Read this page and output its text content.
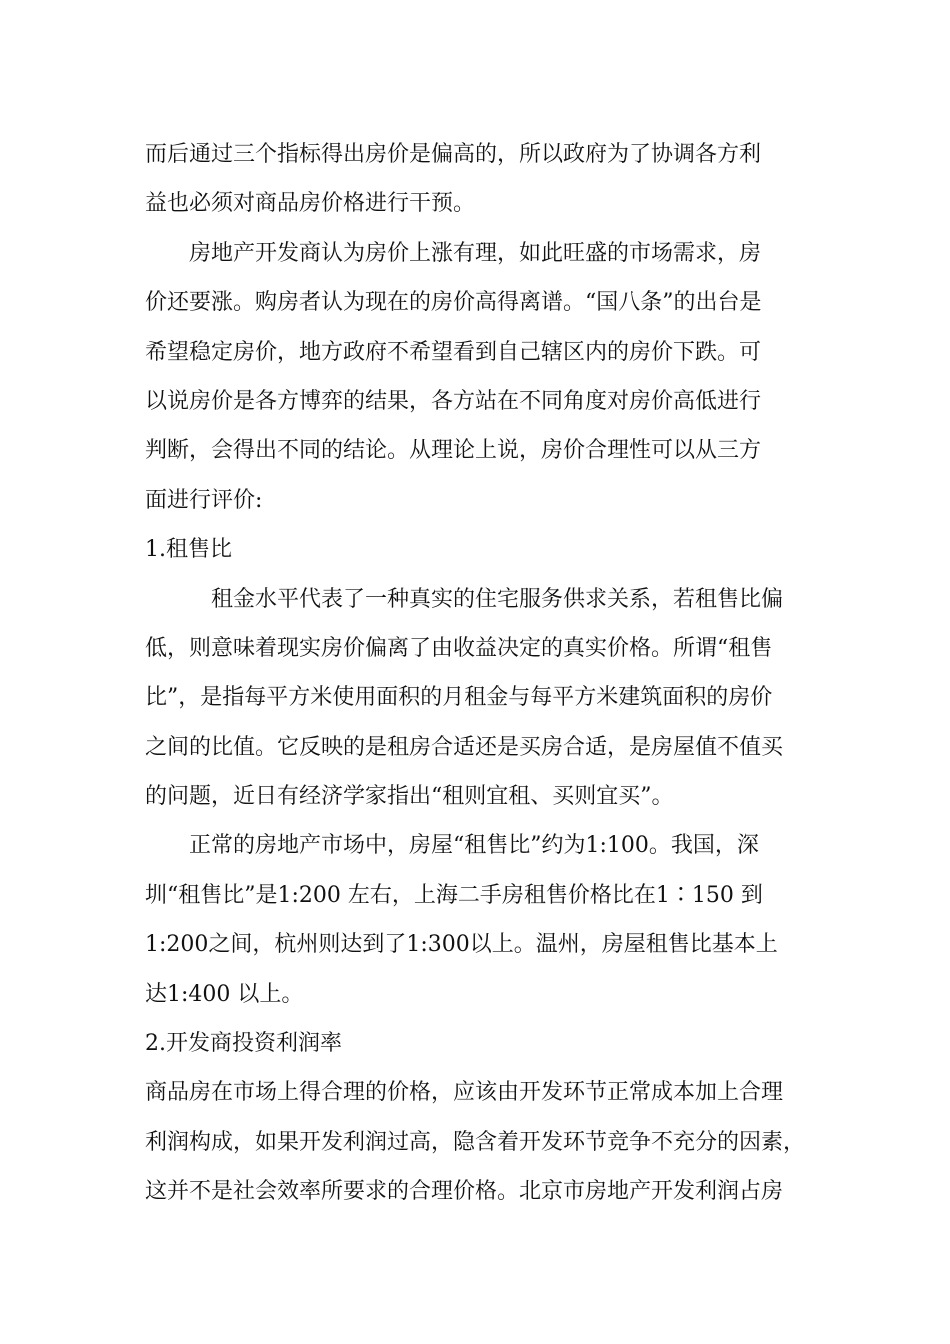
而后通过三个指标得出房价是偏高的，所以政府为了协调各方利
益也必须对商品房价格进行干预。
房地产开发商认为房价上涨有理，如此旺盛的市场需求，房
价还要涨。购房者认为现在的房价高得离谱。“国八条”的出台是
希望稳定房价，地方政府不希望看到自己辖区内的房价下跌。可
以说房价是各方博弈的结果，各方站在不同角度对房价高低进行
判断，会得出不同的结论。从理论上说，房价合理性可以从三方
面进行评价:
1.租售比
租金水平代表了一种真实的住宅服务供求关系，若租售比偏
低，则意味着现实房价偏离了由收益决定的真实价格。所谓“租售
比”，是指每平方米使用面积的月租金与每平方米建筑面积的房价
之间的比值。它反映的是租房合适还是买房合适，是房屋值不值买
的问题，近日有经济学家指出“租则宜租、买则宜买”。
正常的房地产市场中，房屋“租售比”约为1:100。我国，深
圳“租售比”是1:200 左右，上海二手房租售价格比在1∶150 到
1:200之间，杭州则达到了1:300以上。温州，房屋租售比基本上
达1:400 以上。
2.开发商投资利润率
商品房在市场上得合理的价格，应该由开发环节正常成本加上合理
利润构成，如果开发利润过高，隐含着开发环节竞争不充分的因素，
这并不是社会效率所要求的合理价格。北京市房地产开发利润占房
